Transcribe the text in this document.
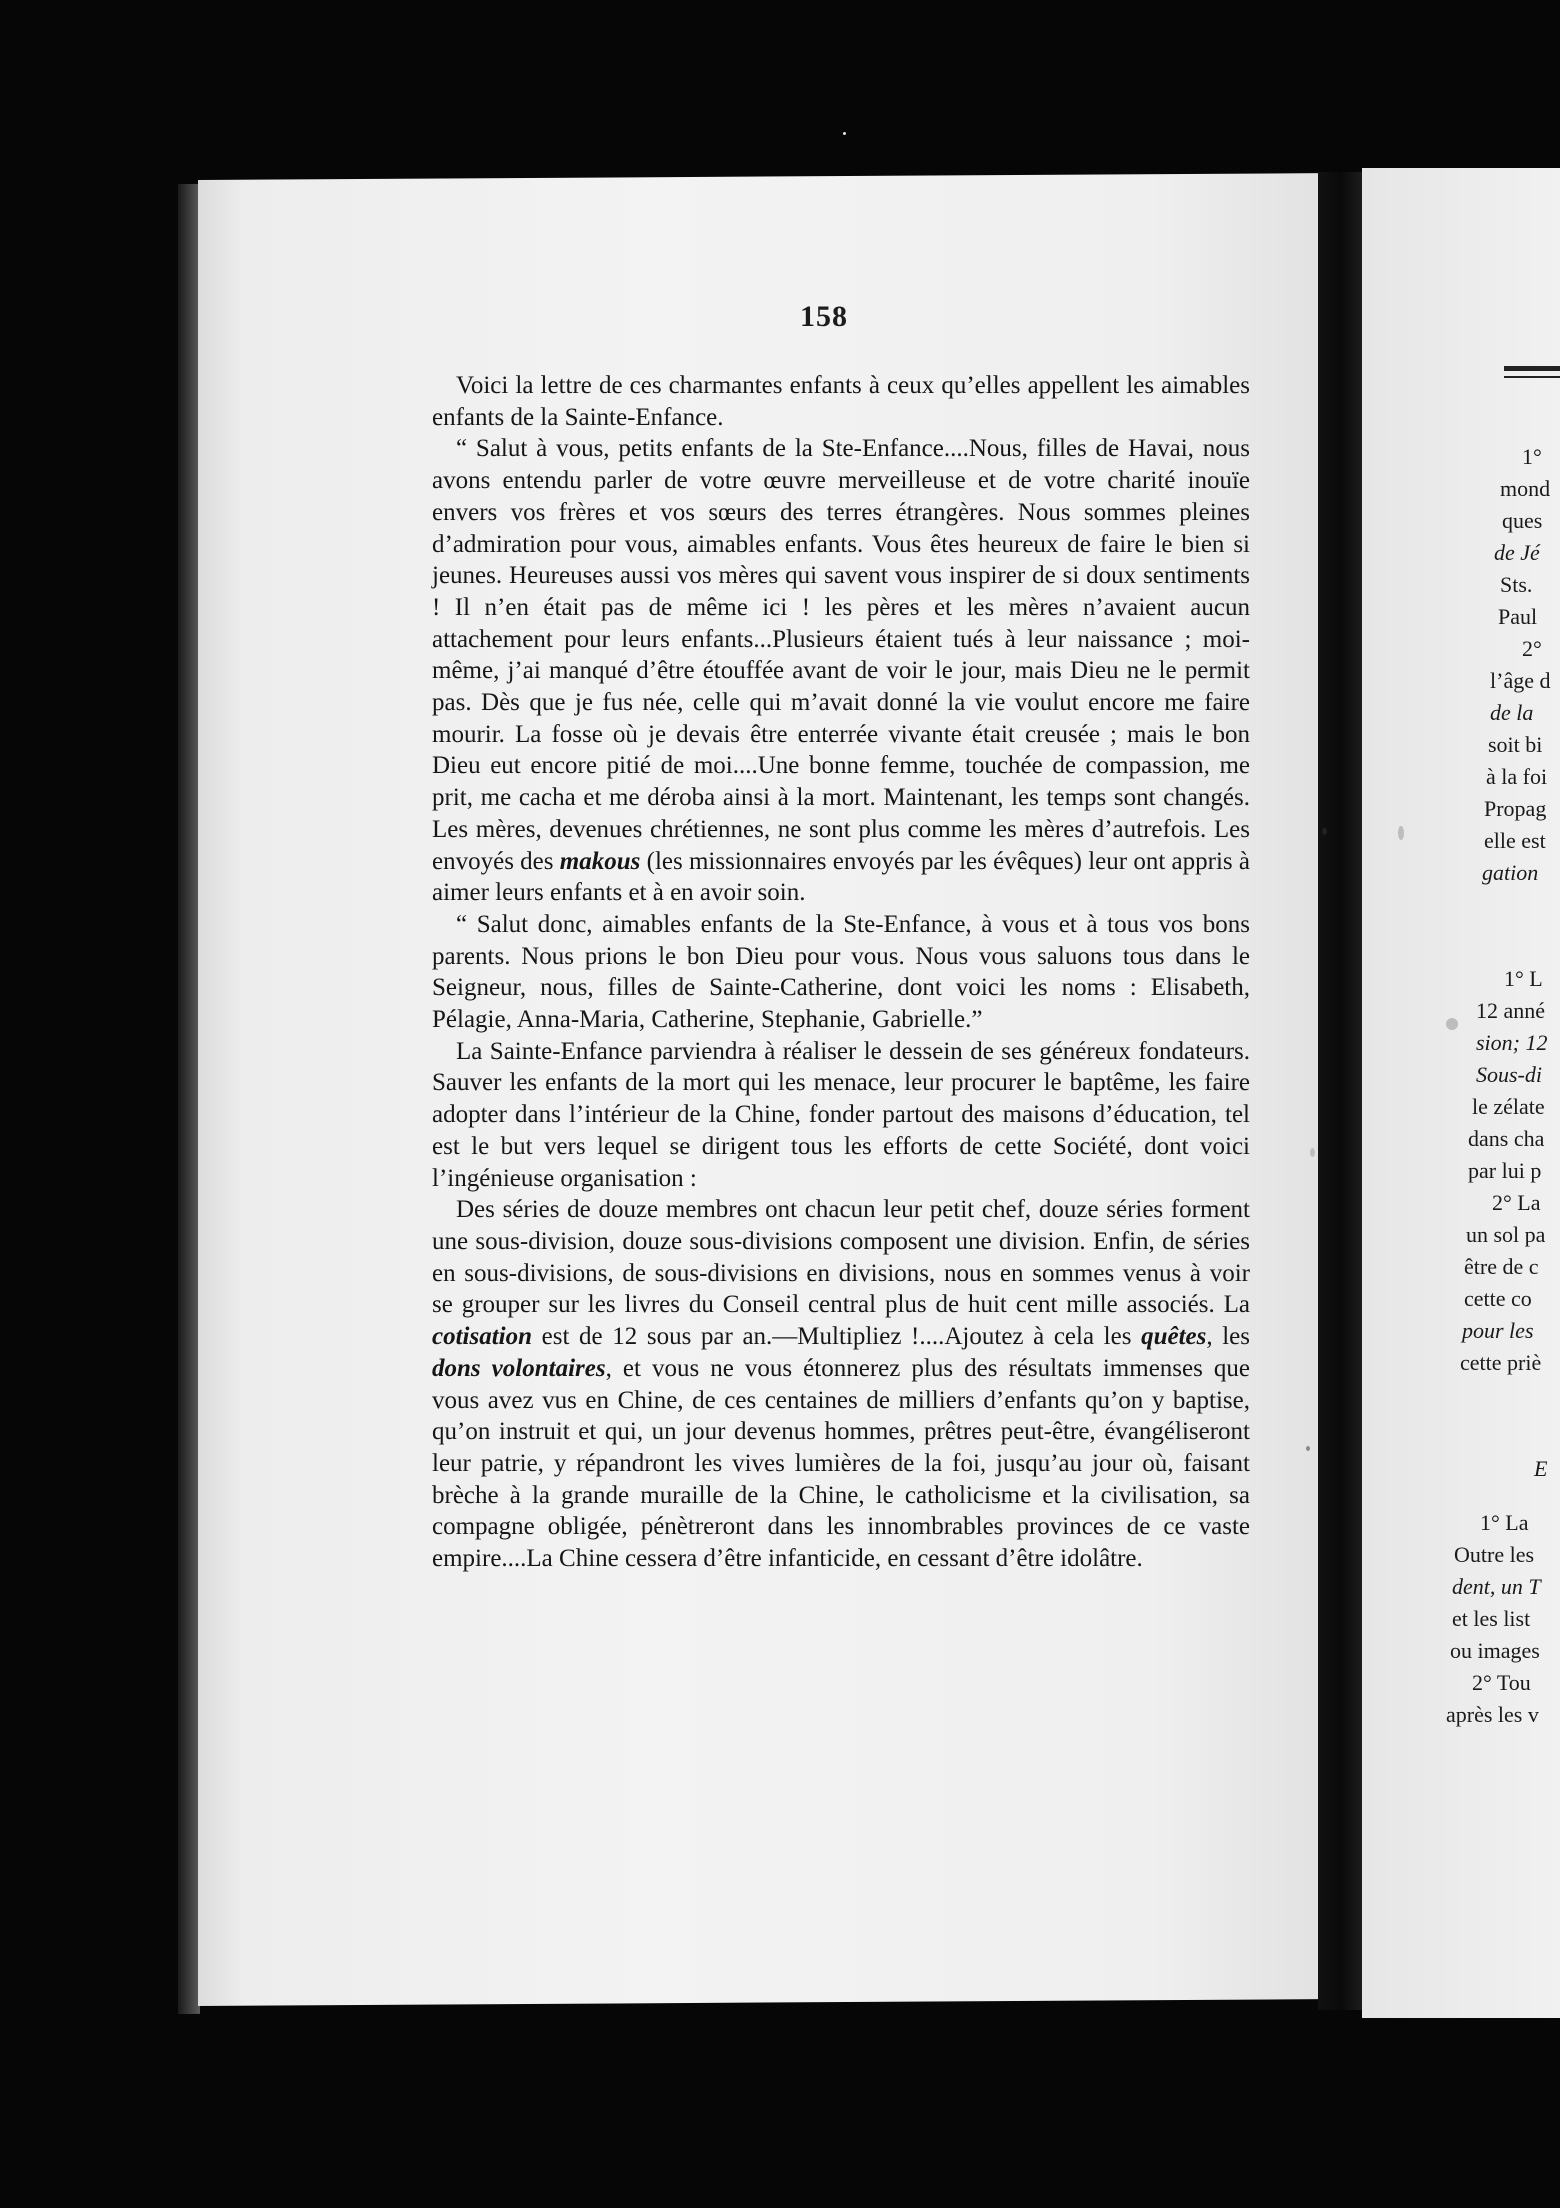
158

Voici la lettre de ces charmantes enfants à ceux qu’elles appellent les aimables enfants de la Sainte-Enfance.

“ Salut à vous, petits enfants de la Ste-Enfance....Nous, filles de Havai, nous avons entendu parler de votre œuvre merveilleuse et de votre charité inouïe envers vos frères et vos sœurs des terres étrangères. Nous sommes pleines d’admiration pour vous, aimables enfants. Vous êtes heureux de faire le bien si jeunes. Heureuses aussi vos mères qui savent vous inspirer de si doux sentiments ! Il n’en était pas de même ici ! les pères et les mères n’avaient aucun attachement pour leurs enfants...Plusieurs étaient tués à leur naissance ; moi-même, j’ai manqué d’être étouffée avant de voir le jour, mais Dieu ne le permit pas. Dès que je fus née, celle qui m’avait donné la vie voulut encore me faire mourir. La fosse où je devais être enterrée vivante était creusée ; mais le bon Dieu eut encore pitié de moi....Une bonne femme, touchée de compassion, me prit, me cacha et me déroba ainsi à la mort. Maintenant, les temps sont changés. Les mères, devenues chrétiennes, ne sont plus comme les mères d’autrefois. Les envoyés des makous (les missionnaires envoyés par les évêques) leur ont appris à aimer leurs enfants et à en avoir soin.

“ Salut donc, aimables enfants de la Ste-Enfance, à vous et à tous vos bons parents. Nous prions le bon Dieu pour vous. Nous vous saluons tous dans le Seigneur, nous, filles de Sainte-Catherine, dont voici les noms : Elisabeth, Pélagie, Anna-Maria, Catherine, Stephanie, Gabrielle.”

La Sainte-Enfance parviendra à réaliser le dessein de ses généreux fondateurs. Sauver les enfants de la mort qui les menace, leur procurer le baptême, les faire adopter dans l’intérieur de la Chine, fonder partout des maisons d’éducation, tel est le but vers lequel se dirigent tous les efforts de cette Société, dont voici l’ingénieuse organisation :

Des séries de douze membres ont chacun leur petit chef, douze séries forment une sous-division, douze sous-divisions composent une division. Enfin, de séries en sous-divisions, de sous-divisions en divisions, nous en sommes venus à voir se grouper sur les livres du Conseil central plus de huit cent mille associés. La cotisation est de 12 sous par an.—Multipliez !....Ajoutez à cela les quêtes, les dons volontaires, et vous ne vous étonnerez plus des résultats immenses que vous avez vus en Chine, de ces centaines de milliers d’enfants qu’on y baptise, qu’on instruit et qui, un jour devenus hommes, prêtres peut-être, évangéliseront leur patrie, y répandront les vives lumières de la foi, jusqu’au jour où, faisant brèche à la grande muraille de la Chine, le catholicisme et la civilisation, sa compagne obligée, pénètreront dans les innombrables provinces de ce vaste empire....La Chine cessera d’être infanticide, en cessant d’être idolâtre.

1°
mond
ques
de Jé
Sts.
Paul
2°
l’âge d
de la
soit bi
à la foi
Propag
elle est
gation
1° L
12 anné
sion; 12
Sous-di
le zélate
dans cha
par lui p
2° La
un sol pa
être de c
cette co
pour les
cette priè
E
1° La
Outre les
dent, un T
et les list
ou images
2° Tou
après les v
